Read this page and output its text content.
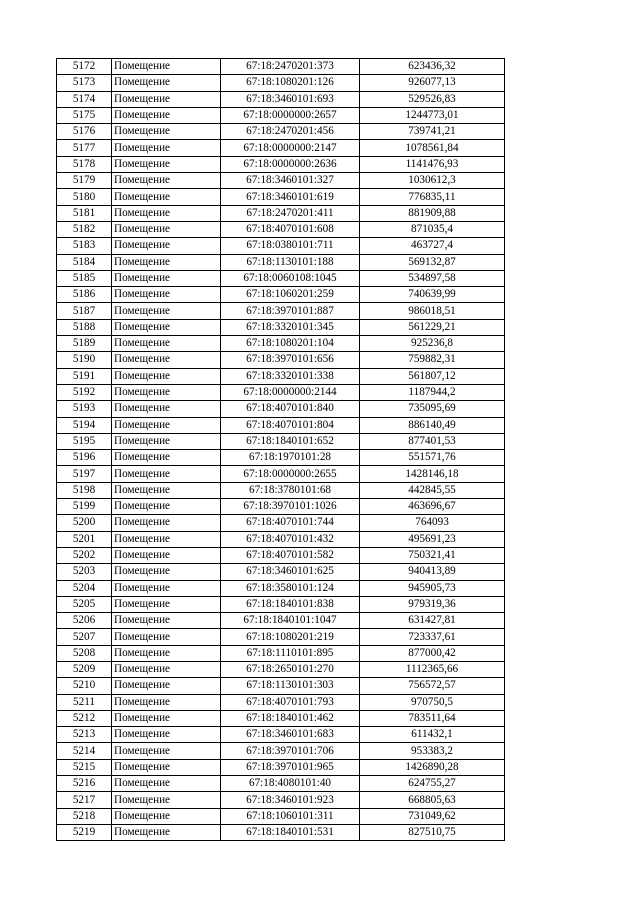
5172	Помещение	67:18:2470201:373	623436,32
5173	Помещение	67:18:1080201:126	926077,13
5174	Помещение	67:18:3460101:693	529526,83
5175	Помещение	67:18:0000000:2657	1244773,01
5176	Помещение	67:18:2470201:456	739741,21
5177	Помещение	67:18:0000000:2147	1078561,84
5178	Помещение	67:18:0000000:2636	1141476,93
5179	Помещение	67:18:3460101:327	1030612,3
5180	Помещение	67:18:3460101:619	776835,11
5181	Помещение	67:18:2470201:411	881909,88
5182	Помещение	67:18:4070101:608	871035,4
5183	Помещение	67:18:0380101:711	463727,4
5184	Помещение	67:18:1130101:188	569132,87
5185	Помещение	67:18:0060108:1045	534897,58
5186	Помещение	67:18:1060201:259	740639,99
5187	Помещение	67:18:3970101:887	986018,51
5188	Помещение	67:18:3320101:345	561229,21
5189	Помещение	67:18:1080201:104	925236,8
5190	Помещение	67:18:3970101:656	759882,31
5191	Помещение	67:18:3320101:338	561807,12
5192	Помещение	67:18:0000000:2144	1187944,2
5193	Помещение	67:18:4070101:840	735095,69
5194	Помещение	67:18:4070101:804	886140,49
5195	Помещение	67:18:1840101:652	877401,53
5196	Помещение	67:18:1970101:28	551571,76
5197	Помещение	67:18:0000000:2655	1428146,18
5198	Помещение	67:18:3780101:68	442845,55
5199	Помещение	67:18:3970101:1026	463696,67
5200	Помещение	67:18:4070101:744	764093
5201	Помещение	67:18:4070101:432	495691,23
5202	Помещение	67:18:4070101:582	750321,41
5203	Помещение	67:18:3460101:625	940413,89
5204	Помещение	67:18:3580101:124	945905,73
5205	Помещение	67:18:1840101:838	979319,36
5206	Помещение	67:18:1840101:1047	631427,81
5207	Помещение	67:18:1080201:219	723337,61
5208	Помещение	67:18:1110101:895	877000,42
5209	Помещение	67:18:2650101:270	1112365,66
5210	Помещение	67:18:1130101:303	756572,57
5211	Помещение	67:18:4070101:793	970750,5
5212	Помещение	67:18:1840101:462	783511,64
5213	Помещение	67:18:3460101:683	611432,1
5214	Помещение	67:18:3970101:706	953383,2
5215	Помещение	67:18:3970101:965	1426890,28
5216	Помещение	67:18:4080101:40	624755,27
5217	Помещение	67:18:3460101:923	668805,63
5218	Помещение	67:18:1060101:311	731049,62
5219	Помещение	67:18:1840101:531	827510,75
